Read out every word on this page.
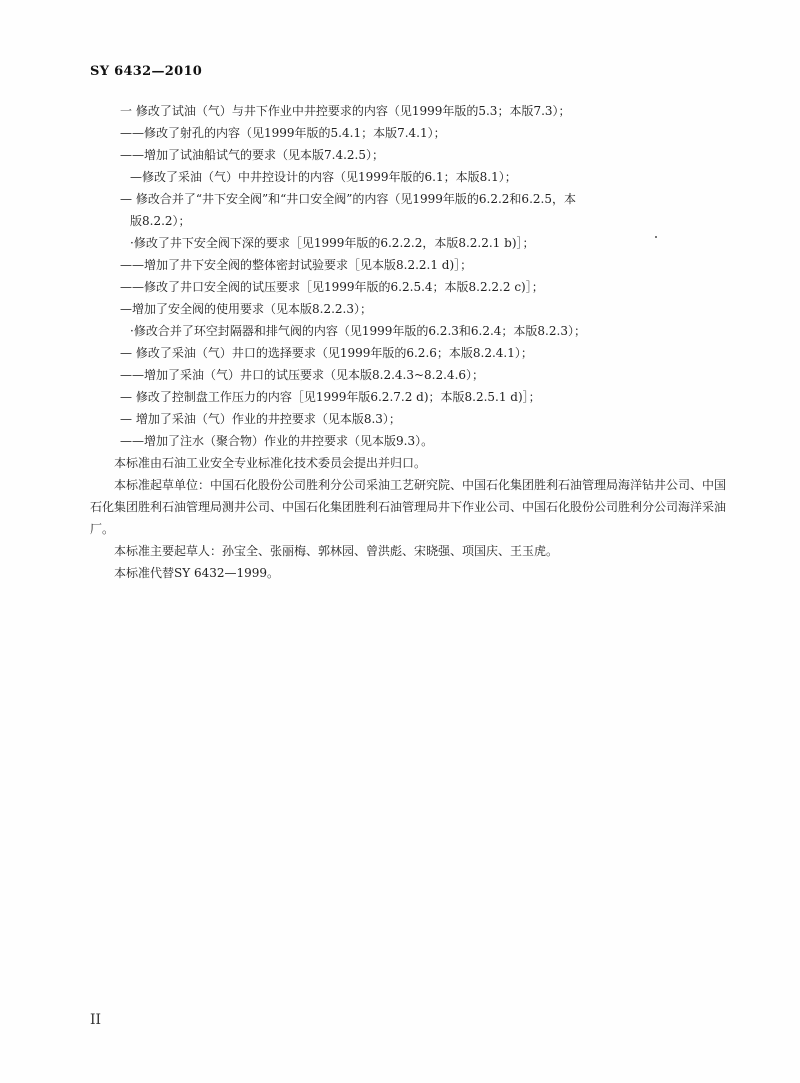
SY 6432—2010
一 修改了试油（气）与井下作业中井控要求的内容（见1999年版的5.3；本版7.3）；
——修改了射孔的内容（见1999年版的5.4.1；本版7.4.1）；
——增加了试油船试气的要求（见本版7.4.2.5）；
—修改了采油（气）中井控设计的内容（见1999年版的6.1；本版8.1）；
— 修改合并了“井下安全阀”和“井口安全阀”的内容（见1999年版的6.2.2和6.2.5，本
版8.2.2）；
·修改了井下安全阀下深的要求［见1999年版的6.2.2.2，本版8.2.2.1 b)］；
——增加了井下安全阀的整体密封试验要求［见本版8.2.2.1 d)］；
——修改了井口安全阀的试压要求［见1999年版的6.2.5.4；本版8.2.2.2 c)］；
—增加了安全阀的使用要求（见本版8.2.2.3）；
·修改合并了环空封隔器和排气阀的内容（见1999年版的6.2.3和6.2.4；本版8.2.3）；
— 修改了采油（气）井口的选择要求（见1999年版的6.2.6；本版8.2.4.1）；
——增加了采油（气）井口的试压要求（见本版8.2.4.3~8.2.4.6）；
— 修改了控制盘工作压力的内容［见1999年版6.2.7.2 d)；本版8.2.5.1 d)］；
— 增加了采油（气）作业的井控要求（见本版8.3）；
——增加了注水（聚合物）作业的井控要求（见本版9.3）。
本标准由石油工业安全专业标准化技术委员会提出并归口。
本标准起草单位：中国石化股份公司胜利分公司采油工艺研究院、中国石化集团胜利石油管理局海洋钻井公司、中国石化集团胜利石油管理局测井公司、中国石化集团胜利石油管理局井下作业公司、中国石化股份公司胜利分公司海洋采油厂。
本标准主要起草人：孙宝全、张丽梅、郭林园、曾洪彪、宋晓强、项国庆、王玉虎。
本标准代替SY 6432—1999。
II
